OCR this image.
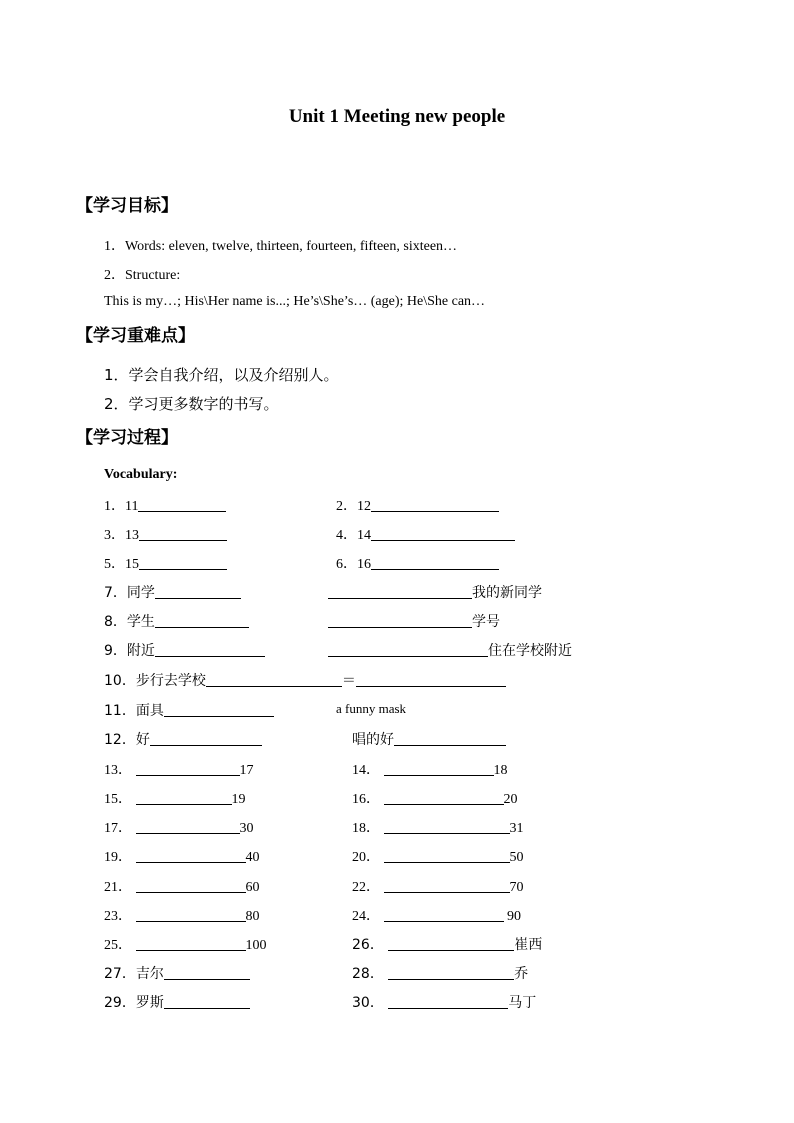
Unit 1 Meeting new people
【学习目标】
1．Words: eleven, twelve, thirteen, fourteen, fifteen, sixteen…
2．Structure:
This is my…; His\Her name is...; He’s\She’s… (age); He\She can…
【学习重难点】
1．学会自我介绍，以及介绍别人。
2．学习更多数字的书写。
【学习过程】
Vocabulary:
1．11	2．12
3．13	4．14
5．15	6．16
7．同学	我的新同学
8．学生	学号
9．附近	住在学校附近
10．步行去学校	＝
11．面具	a funny mask
12．好	唱的好
13．	17	14．	18
15．	19	16．	20
17．	30	18．	31
19．	40	20．	50
21．	60	22．	70
23．	80	24．	90
25．	100	26．	崔西
27．吉尔	28．	乔
29．罗斯	30．	马丁
